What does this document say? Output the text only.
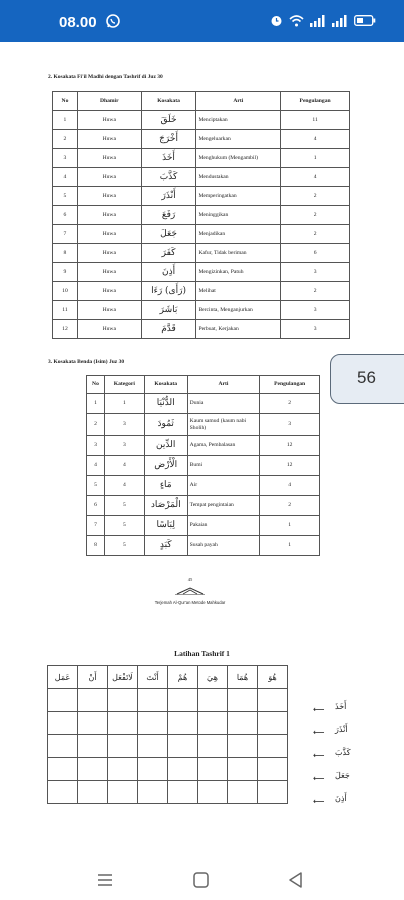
08.00
2. Kosakata Fi'il Madhi dengan Tashrif di Juz 30
No	Dhamir	Kosakata	Arti	Pengulangan
1	Huwa	خَلَقَ	Menciptakan	11
2	Huwa	أَخْرَجَ	Mengeluarkan	4
3	Huwa	أَخَذَ	Menghukum (Mengambil)	1
4	Huwa	كَذَّبَ	Mendustakan	4
5	Huwa	أَنْذَرَ	Memperingatkan	2
6	Huwa	رَفَعَ	Meninggikan	2
7	Huwa	جَعَلَ	Menjadikan	2
8	Huwa	كَفَرَ	Kafur, Tidak beriman	6
9	Huwa	أَذِنَ	Mengizinkan, Patuh	3
10	Huwa	(رَأَى) رَءَا	Melihat	2
11	Huwa	بَاشَرَ	Bercinta, Menganjurkan	3
12	Huwa	قَدَّمَ	Perbuat, Kerjakan	3
3. Kosakata Benda (Isim) Juz 30
No	Kategori	Kosakata	Arti	Pengulangan
1	1	الدُّنْيَا	Dunia	2
2	3	ثَمُودَ	Kaum samud (kaum nabi Sholih)	3
3	3	الدِّين	Agama, Pembalasan	12
4	4	الْأَرْض	Bumi	12
5	4	مَاءٍ	Air	4
6	5	الْمَرْصَاد	Tempat pengintaian	2
7	5	لِبَاسًا	Pakaian	1
8	5	كَبَدٍ	Susah payah	1
45
Terjemah Al-Qur'an Metode Mahkudar
Latihan Tashrif 1
عَمَل	أَنْ	لَاتَفْعَل	أَنْتَ	هُمْ	هِيَ	هُمَا	هُوَ

⟵ أَخَذَ
⟵ أَنْذَرَ
⟵ كَذَّبَ
⟵ جَعَلَ
⟵ أَذِنَ
56
